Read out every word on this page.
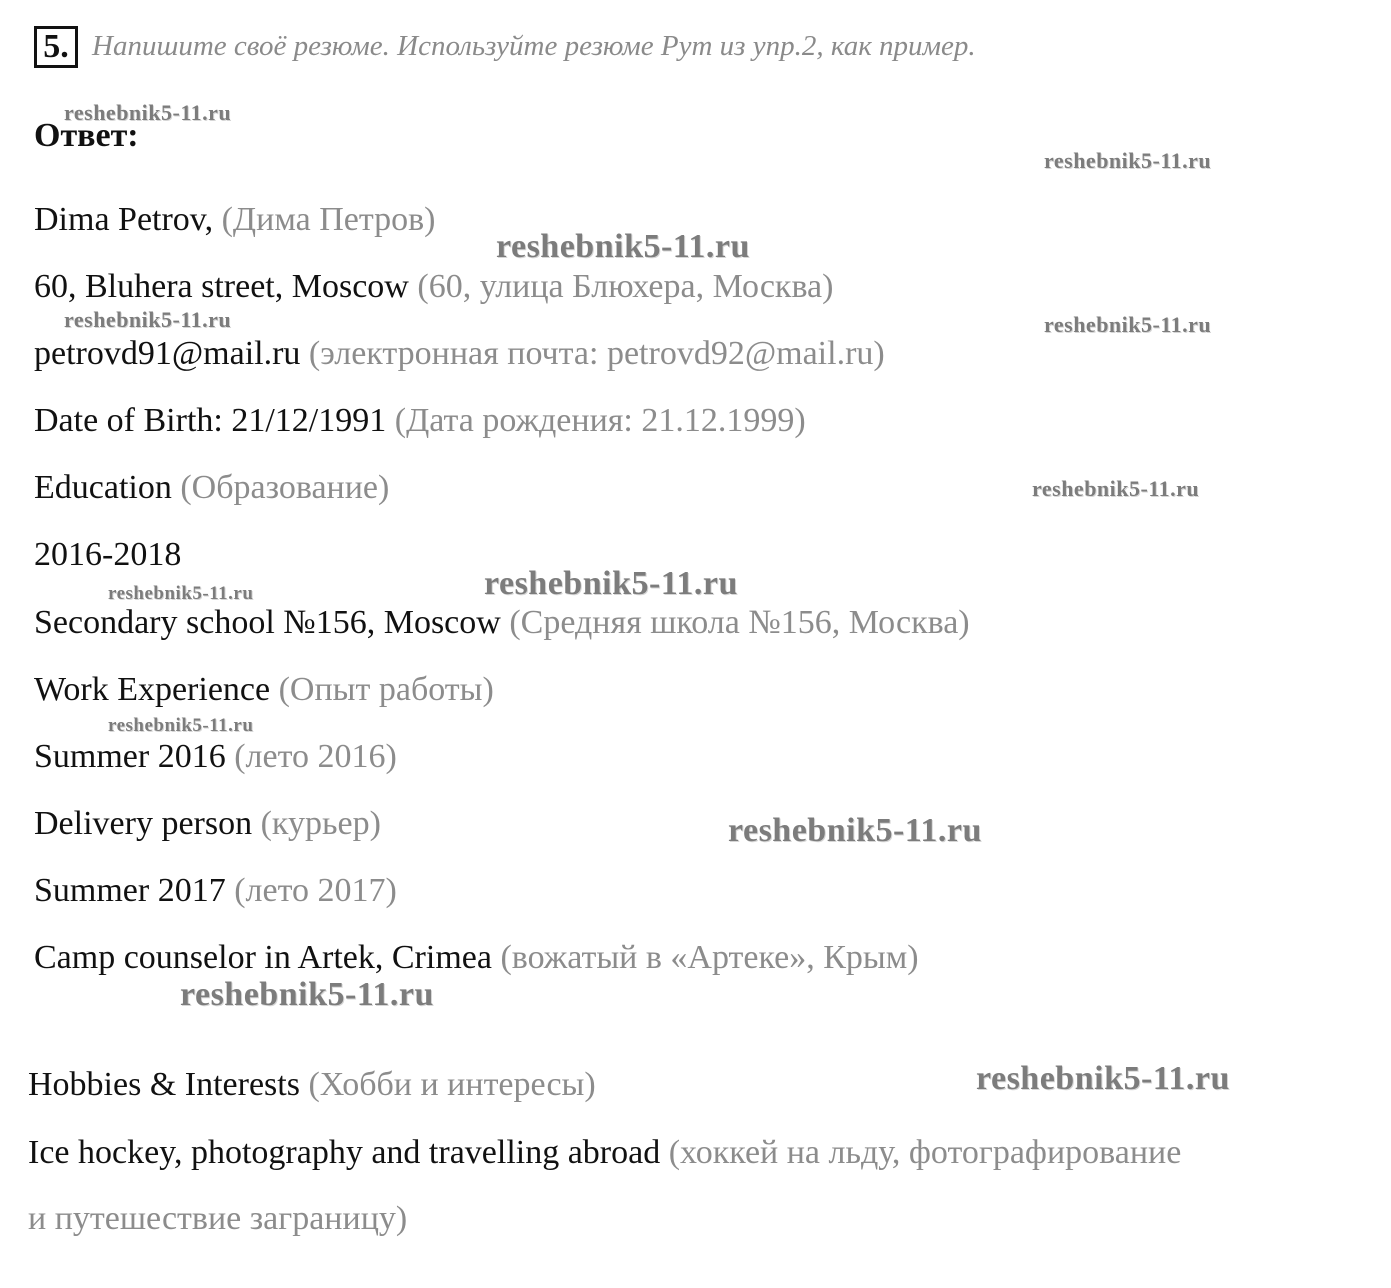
5. Напишите своё резюме. Используйте резюме Рут из упр.2, как пример.
Ответ:
Dima Petrov, (Дима Петров)
60, Bluhera street, Moscow (60, улица Блюхера, Москва)
petrovd91@mail.ru (электронная почта: petrovd92@mail.ru)
Date of Birth: 21/12/1991 (Дата рождения: 21.12.1999)
Education (Образование)
2016-2018
Secondary school №156, Moscow (Средняя школа №156, Москва)
Work Experience (Опыт работы)
Summer 2016 (лето 2016)
Delivery person (курьер)
Summer 2017 (лето 2017)
Camp counselor in Artek, Crimea (вожатый в «Артеке», Крым)
Hobbies & Interests (Хобби и интересы)
Ice hockey, photography and travelling abroad (хоккей на льду, фотографирование
и путешествие заграницу)
reshebnik5-11.ru
reshebnik5-11.ru
reshebnik5-11.ru
reshebnik5-11.ru	reshebnik5-11.ru
reshebnik5-11.ru
reshebnik5-11.ru
reshebnik5-11.ru
reshebnik5-11.ru
reshebnik5-11.ru
reshebnik5-11.ru
reshebnik5-11.ru
